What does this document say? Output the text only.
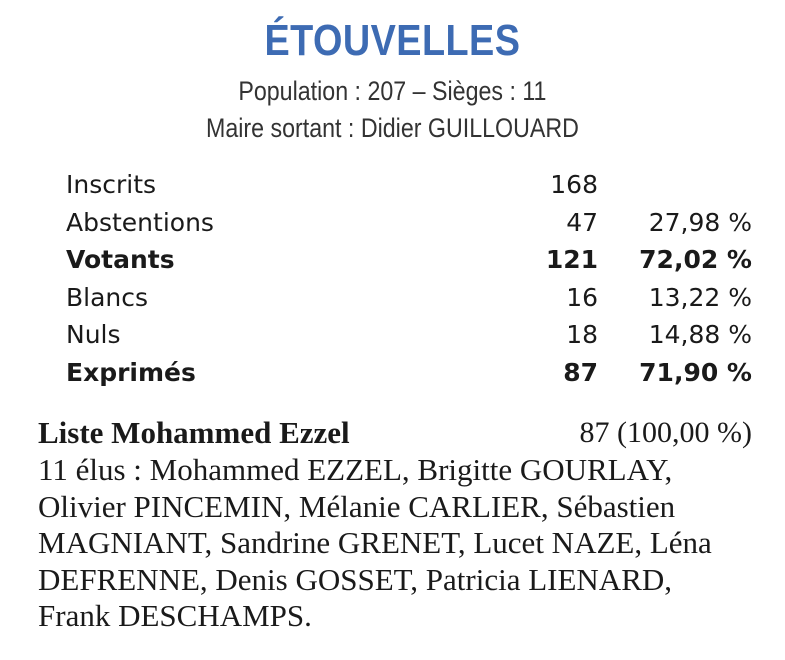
ÉTOUVELLES
Population : 207 – Sièges : 11
Maire sortant : Didier GUILLOUARD
Inscrits	168
Abstentions	47 27,98 %
Votants	121 72,02 %
Blancs	16 13,22 %
Nuls	18 14,88 %
Exprimés	87 71,90 %
Liste Mohammed Ezzel	87 (100,00 %)
11 élus : Mohammed EZZEL, Brigitte GOURLAY,
Olivier PINCEMIN, Mélanie CARLIER, Sébastien
MAGNIANT, Sandrine GRENET, Lucet NAZE, Léna
DEFRENNE, Denis GOSSET, Patricia LIENARD,
Frank DESCHAMPS.
